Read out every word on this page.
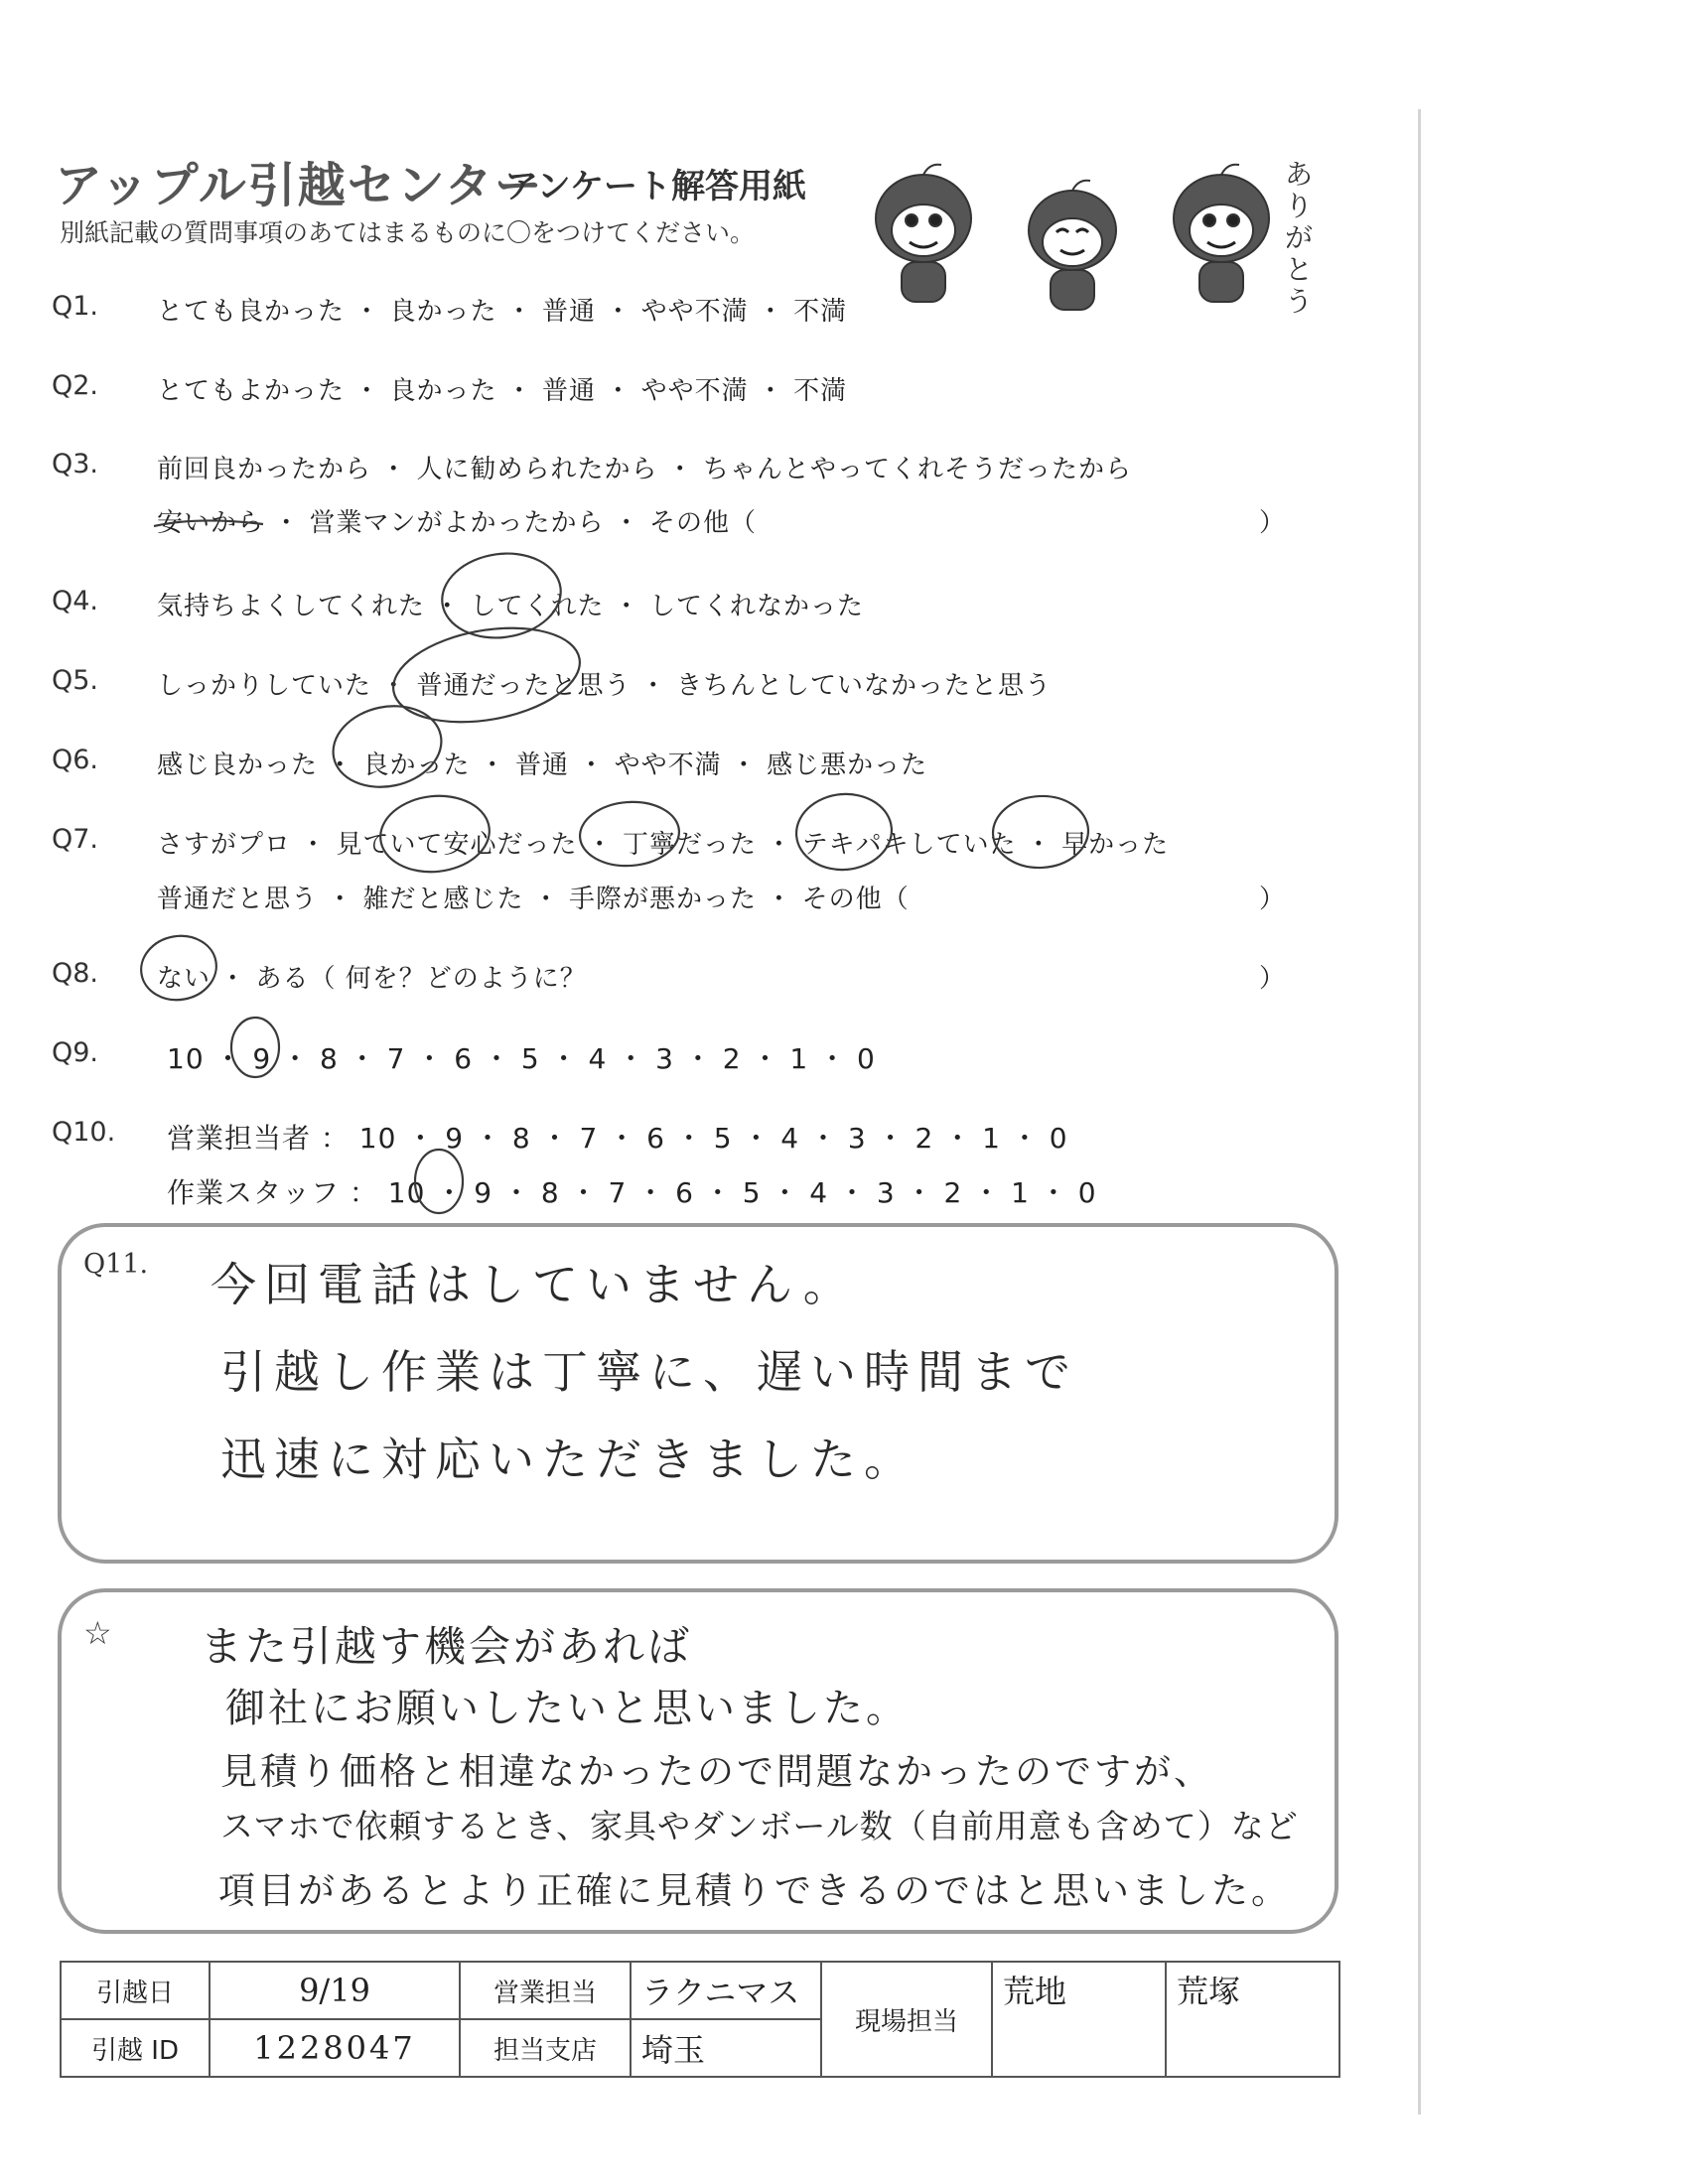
アップル引越センター
アンケート解答用紙
別紙記載の質問事項のあてはまるものに〇をつけてください。
ありがとう
Q1. とても良かった ・ 良かった ・ 普通 ・ やや不満 ・ 不満
Q2. とてもよかった ・ 良かった ・ 普通 ・ やや不満 ・ 不満
Q3. 前回良かったから ・ 人に勧められたから ・ ちゃんとやってくれそうだったから
安いから ・ 営業マンがよかったから ・ その他（	）
Q4. 気持ちよくしてくれた ・ してくれた ・ してくれなかった
Q5. しっかりしていた ・ 普通だったと思う ・ きちんとしていなかったと思う
Q6. 感じ良かった ・ 良かった ・ 普通 ・ やや不満 ・ 感じ悪かった
Q7. さすがプロ ・ 見ていて安心だった ・ 丁寧だった ・ テキパキしていた ・ 早かった
普通だと思う ・ 雑だと感じた ・ 手際が悪かった ・ その他（	）
Q8. ない ・ ある（ 何を？どのように？	）
Q9. 10 ・ 9 ・ 8 ・ 7 ・ 6 ・ 5 ・ 4 ・ 3 ・ 2 ・ 1 ・ 0
Q10. 営業担当者 ： 10 ・ 9 ・ 8 ・ 7 ・ 6 ・ 5 ・ 4 ・ 3 ・ 2 ・ 1 ・ 0
作業スタッフ ： 10 ・ 9 ・ 8 ・ 7 ・ 6 ・ 5 ・ 4 ・ 3 ・ 2 ・ 1 ・ 0
Q11. 今回電話はしていません。
引越し作業は丁寧に、遅い時間まで
迅速に対応いただきました。
☆ また引越す機会があれば
御社にお願いしたいと思いました。
見積り価格と相違なかったので問題なかったのですが、
スマホで依頼するとき、家具やダンボール数（自前用意も含めて）など
項目があるとより正確に見積りできるのではと思いました。
引越日	9/19	営業担当	ラクニマス	現場担当	荒地	荒塚
引越 ID	1228047	担当支店	埼玉			
